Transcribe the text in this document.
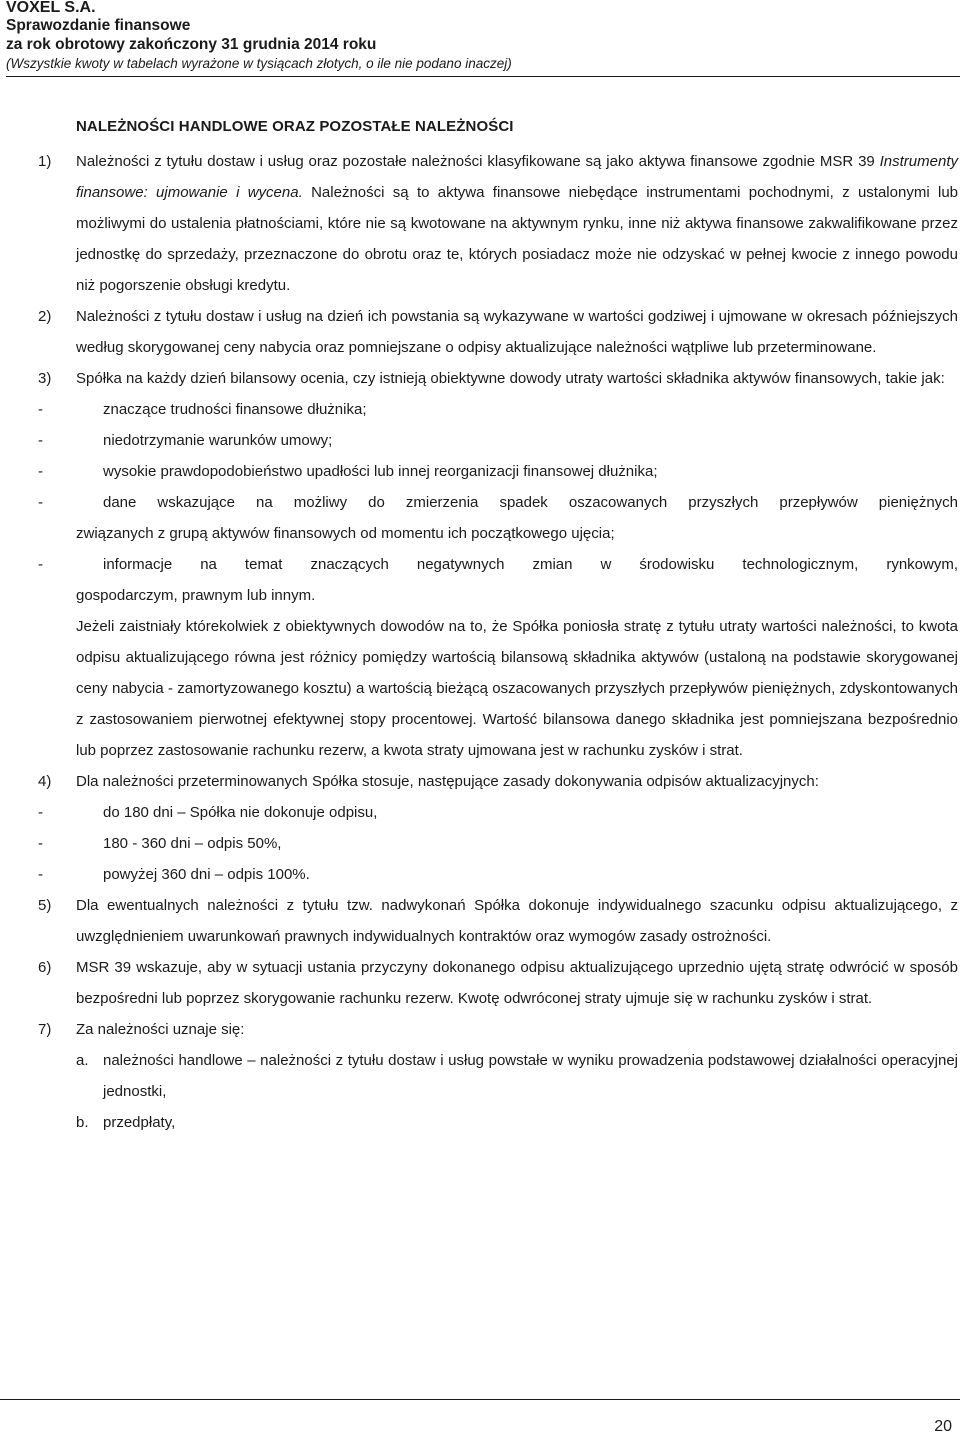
VOXEL S.A.

Sprawozdanie finansowe

za rok obrotowy zakończony 31 grudnia 2014 roku

(Wszystkie kwoty w tabelach wyrażone w tysiącach złotych, o ile nie podano inaczej)

NALEŻNOŚCI HANDLOWE ORAZ POZOSTAŁE NALEŻNOŚCI
1)	Należności z tytułu dostaw i usług oraz pozostałe należności klasyfikowane są jako aktywa finansowe zgodnie MSR 39 Instrumenty finansowe: ujmowanie i wycena. Należności są to aktywa finansowe niebędące instrumentami pochodnymi, z ustalonymi lub możliwymi do ustalenia płatnościami, które nie są kwotowane na aktywnym rynku, inne niż aktywa finansowe zakwalifikowane przez jednostkę do sprzedaży, przeznaczone do obrotu oraz te, których posiadacz może nie odzyskać w pełnej kwocie z innego powodu niż pogorszenie obsługi kredytu.
2)	Należności z tytułu dostaw i usług na dzień ich powstania są wykazywane w wartości godziwej i ujmowane w okresach późniejszych według skorygowanej ceny nabycia oraz pomniejszane o odpisy aktualizujące należności wątpliwe lub przeterminowane.
3)	Spółka na każdy dzień bilansowy ocenia, czy istnieją obiektywne dowody utraty wartości składnika aktywów finansowych, takie jak:
-	znaczące trudności finansowe dłużnika;
-	niedotrzymanie warunków umowy;
-	wysokie prawdopodobieństwo upadłości lub innej reorganizacji finansowej dłużnika;
-	dane wskazujące na możliwy do zmierzenia spadek oszacowanych przyszłych przepływów pieniężnych
związanych z grupą aktywów finansowych od momentu ich początkowego ujęcia;
-	informacje na temat znaczących negatywnych zmian w środowisku technologicznym, rynkowym,
gospodarczym, prawnym lub innym.
Jeżeli zaistniały którekolwiek z obiektywnych dowodów na to, że Spółka poniosła stratę z tytułu utraty wartości należności, to kwota odpisu aktualizującego równa jest różnicy pomiędzy wartością bilansową składnika aktywów (ustaloną na podstawie skorygowanej ceny nabycia - zamortyzowanego kosztu) a wartością bieżącą oszacowanych przyszłych przepływów pieniężnych, zdyskontowanych z zastosowaniem pierwotnej efektywnej stopy procentowej. Wartość bilansowa danego składnika jest pomniejszana bezpośrednio lub poprzez zastosowanie rachunku rezerw, a kwota straty ujmowana jest w rachunku zysków i strat.
4)	Dla należności przeterminowanych Spółka stosuje, następujące zasady dokonywania odpisów aktualizacyjnych:
-	do 180 dni – Spółka nie dokonuje odpisu,
-	180 - 360 dni – odpis 50%,
-	powyżej 360 dni – odpis 100%.
5)	Dla ewentualnych należności z tytułu tzw. nadwykonań Spółka dokonuje indywidualnego szacunku odpisu aktualizującego, z uwzględnieniem uwarunkowań prawnych indywidualnych kontraktów oraz wymogów zasady ostrożności.
6)	MSR 39 wskazuje, aby w sytuacji ustania przyczyny dokonanego odpisu aktualizującego uprzednio ujętą stratę odwrócić w sposób bezpośredni lub poprzez skorygowanie rachunku rezerw. Kwotę odwróconej straty ujmuje się w rachunku zysków i strat.
7)	Za należności uznaje się:
a. należności handlowe – należności z tytułu dostaw i usług powstałe w wyniku prowadzenia podstawowej działalności operacyjnej jednostki,
b. przedpłaty,
20
